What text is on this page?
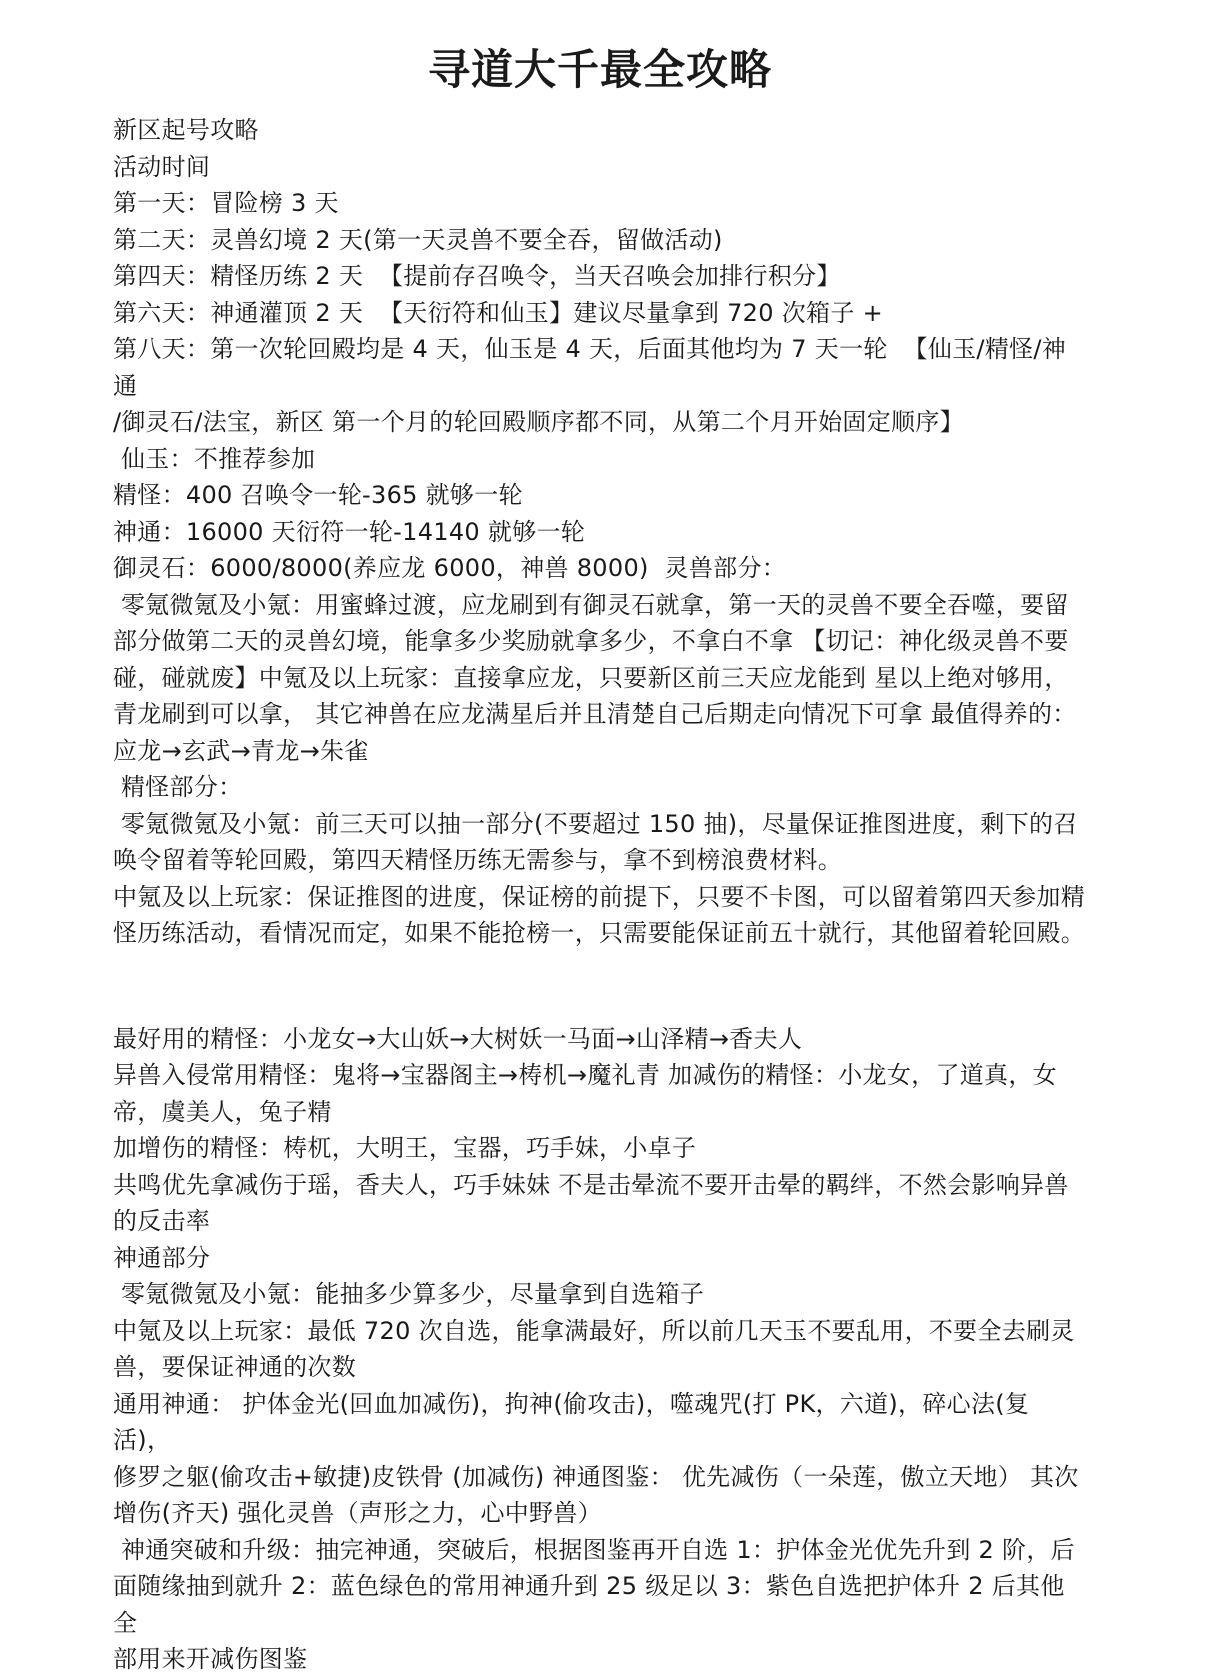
寻道大千最全攻略

新区起号攻略

活动时间

第一天：冒险榜 3 天

第二天：灵兽幻境 2 天(第一天灵兽不要全吞，留做活动)

第四天：精怪历练 2 天  【提前存召唤令，当天召唤会加排行积分】

第六天：神通灌顶 2 天  【天衍符和仙玉】建议尽量拿到 720 次箱子 +

第八天：第一次轮回殿均是 4 天，仙玉是 4 天，后面其他均为 7 天一轮  【仙玉/精怪/神通

/御灵石/法宝，新区 第一个月的轮回殿顺序都不同，从第二个月开始固定顺序】

仙玉：不推荐参加

精怪：400 召唤令一轮-365 就够一轮

神通：16000 天衍符一轮-14140 就够一轮

御灵石：6000/8000(养应龙 6000，神兽 8000)  灵兽部分：

零氪微氪及小氪：用蜜蜂过渡，应龙刷到有御灵石就拿，第一天的灵兽不要全吞噬，要留

部分做第二天的灵兽幻境，能拿多少奖励就拿多少，不拿白不拿 【切记：神化级灵兽不要

碰，碰就废】中氪及以上玩家：直接拿应龙，只要新区前三天应龙能到 星以上绝对够用，

青龙刷到可以拿， 其它神兽在应龙满星后并且清楚自己后期走向情况下可拿 最值得养的：

应龙→玄武→青龙→朱雀

精怪部分：

零氪微氪及小氪：前三天可以抽一部分(不要超过 150 抽)，尽量保证推图进度，剩下的召

唤令留着等轮回殿，第四天精怪历练无需参与，拿不到榜浪费材料。

中氪及以上玩家：保证推图的进度，保证榜的前提下，只要不卡图，可以留着第四天参加精

怪历练活动，看情况而定，如果不能抢榜一，只需要能保证前五十就行，其他留着轮回殿。

最好用的精怪：小龙女→大山妖→大树妖一马面→山泽精→香夫人

异兽入侵常用精怪：鬼将→宝器阁主→梼机→魔礼青 加减伤的精怪：小龙女，了道真，女

帝，虞美人，兔子精

加增伤的精怪：梼杌，大明王，宝器，巧手妹，小卓子

共鸣优先拿减伤于瑶，香夫人，巧手妹妹 不是击晕流不要开击晕的羁绊，不然会影响异兽

的反击率

神通部分

零氪微氪及小氪：能抽多少算多少，尽量拿到自选箱子

中氪及以上玩家：最低 720 次自选，能拿满最好，所以前几天玉不要乱用，不要全去刷灵

兽，要保证神通的次数

通用神通： 护体金光(回血加减伤)，拘神(偷攻击)，噬魂咒(打 PK，六道)，碎心法(复活)，

修罗之躯(偷攻击+敏捷)皮铁骨 (加减伤) 神通图鉴： 优先减伤（一朵莲，傲立天地） 其次

增伤(齐天) 强化灵兽（声形之力，心中野兽）

神通突破和升级：抽完神通，突破后，根据图鉴再开自选 1：护体金光优先升到 2 阶，后

面随缘抽到就升 2：蓝色绿色的常用神通升到 25 级足以 3：紫色自选把护体升 2 后其他全

部用来开减伤图鉴
